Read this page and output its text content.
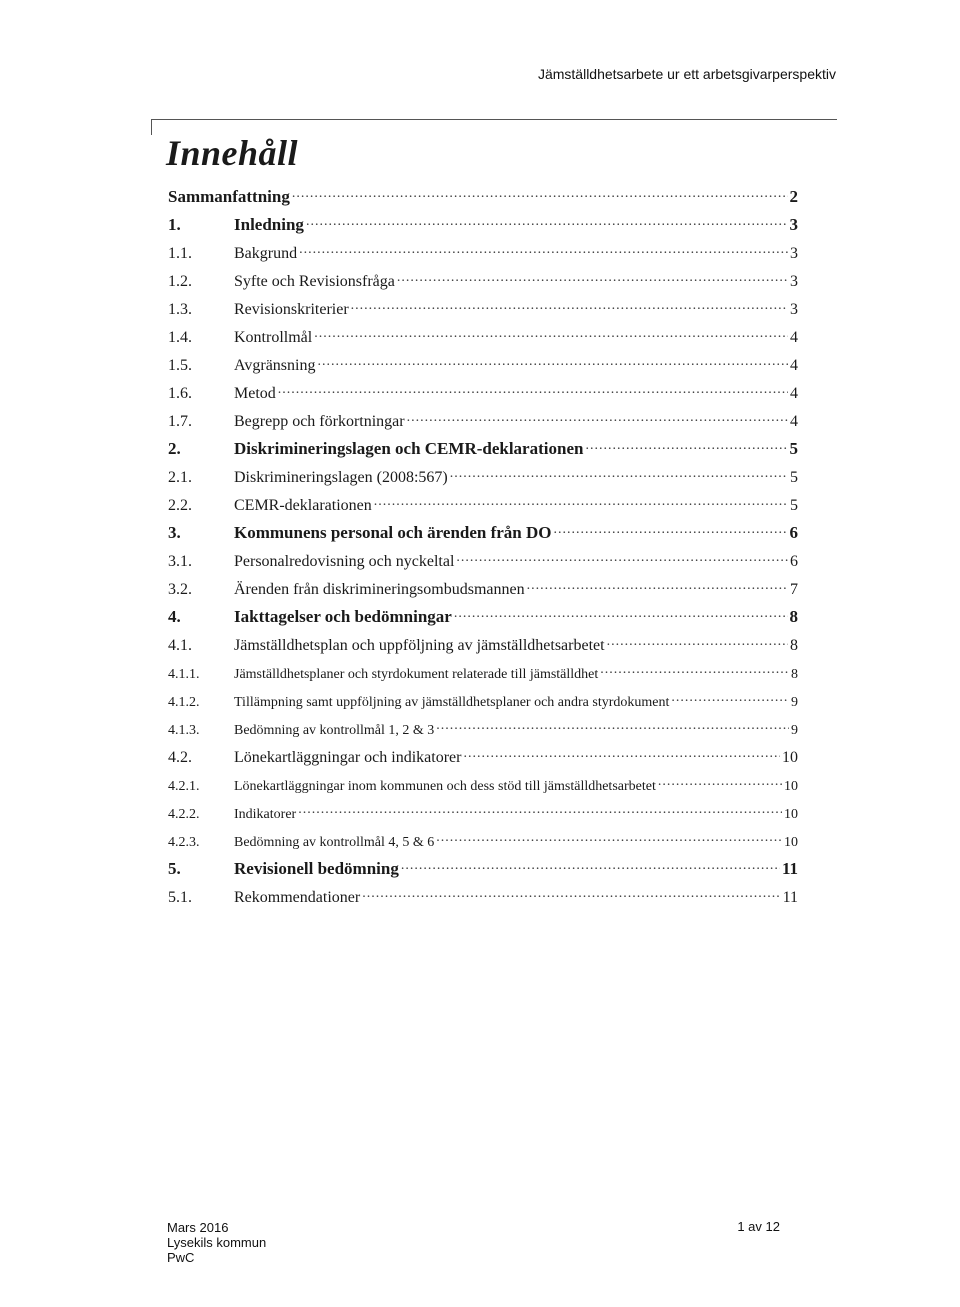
Jämställdhetsarbete ur ett arbetsgivarperspektiv
Innehåll
Sammanfattning .....	2
1.	Inledning .....	3
1.1.	Bakgrund .....	3
1.2.	Syfte och Revisionsfråga .....	3
1.3.	Revisionskriterier .....	3
1.4.	Kontrollmål .....	4
1.5.	Avgränsning .....	4
1.6.	Metod .....	4
1.7.	Begrepp och förkortningar .....	4
2.	Diskrimineringslagen och CEMR-deklarationen .....	5
2.1.	Diskrimineringslagen (2008:567) .....	5
2.2.	CEMR-deklarationen .....	5
3.	Kommunens personal och ärenden från DO .....	6
3.1.	Personalredovisning och nyckeltal .....	6
3.2.	Ärenden från diskrimineringsombudsmannen .....	7
4.	Iakttagelser och bedömningar .....	8
4.1.	Jämställdhetsplan och uppföljning av jämställdhetsarbetet .....	8
4.1.1.	Jämställdhetsplaner och styrdokument relaterade till jämställdhet .....	8
4.1.2.	Tillämpning samt uppföljning av jämställdhetsplaner och andra styrdokument .....	9
4.1.3.	Bedömning av kontrollmål 1, 2 & 3 .....	9
4.2.	Lönekartläggningar och indikatorer .....	10
4.2.1.	Lönekartläggningar inom kommunen och dess stöd till jämställdhetsarbetet .....	10
4.2.2.	Indikatorer .....	10
4.2.3.	Bedömning av kontrollmål 4, 5 & 6 .....	10
5.	Revisionell bedömning .....	11
5.1.	Rekommendationer .....	11
Mars 2016
Lysekils kommun
PwC
1 av 12
